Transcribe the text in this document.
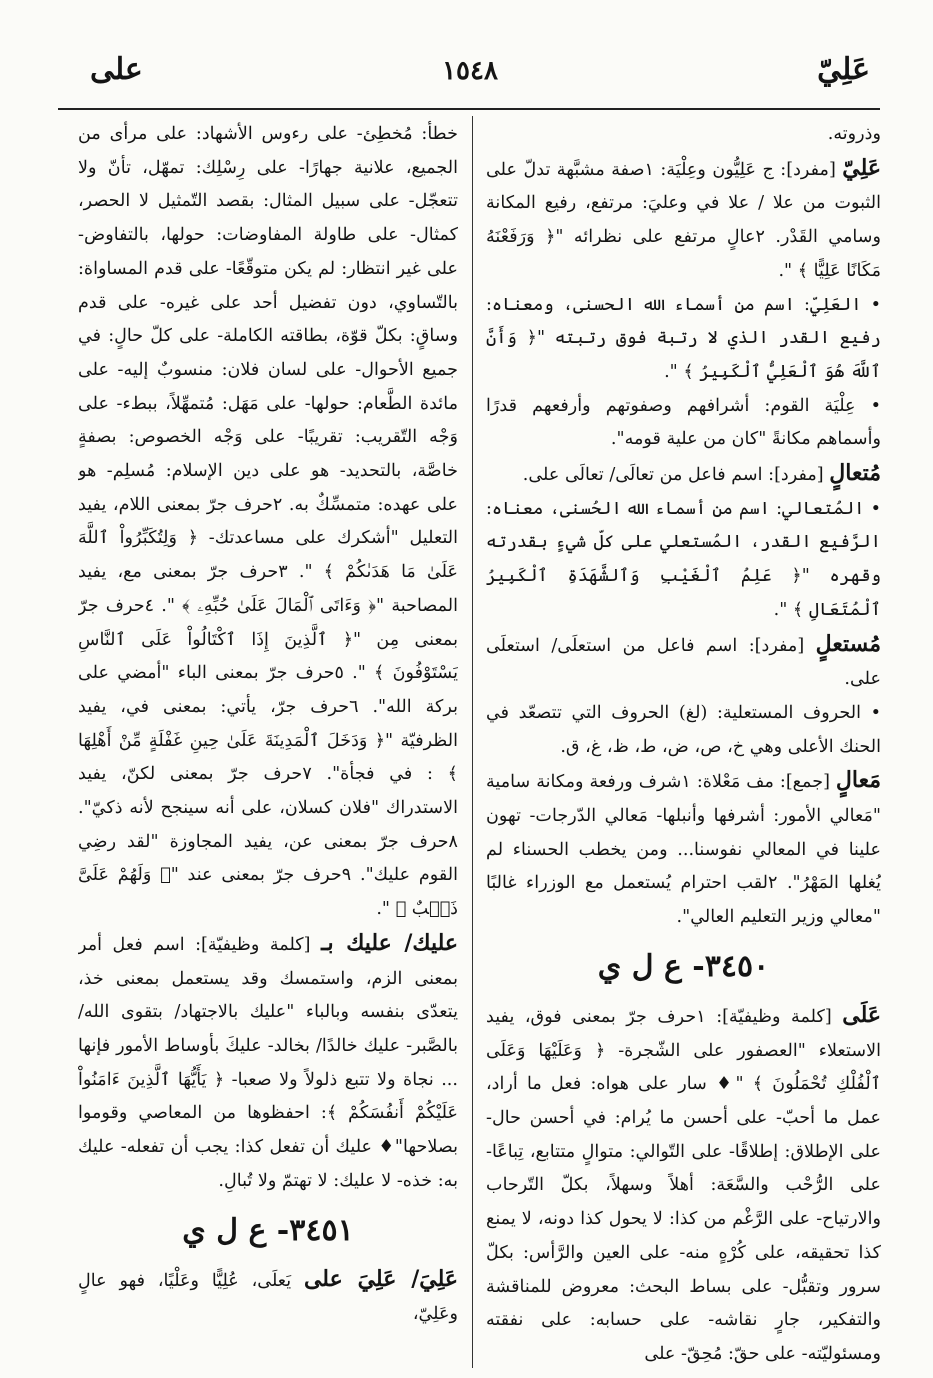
عَلِيّ
١٥٤٨
على

وذروته.

عَلِيّ [مفرد]: ج عَلِيُّون وعِلْيَة: ١صفة مشبَّهة تدلّ على الثبوت من علا / علا في وعليَ: مرتفع، رفيع المكانة وسامي القَدْر. ٢عالٍ مرتفع على نظرائه "﴿ وَرَفَعْنَهُ مَكَانًا عَلِيًّا ﴾ ".

• العَلِيّ: اسم من أسماء الله الحسنى، ومعناه: رفيع القدر الذي لا رتبة فوق رتبته "﴿ وَأَنَّ ٱللَّهَ هُوَ ٱلْعَلِيُّ ٱلْكَبِيرُ ﴾ ".

• عِلْيَة القوم: أشرافهم وصفوتهم وأرفعهم قدرًا وأسماهم مكانةً "كان من علية قومه".

مُتعالٍ [مفرد]: اسم فاعل من تعالَى/ تعالَى على.

• المُتعالي: اسم من أسماء الله الحُسنى، معناه: الرَّفيع القدر، المُستعلي على كلّ شيءٍ بقدرته وقهره "﴿ عَلِمُ ٱلْغَيْبِ وَٱلشَّهَدَةِ ٱلْكَبِيرُ ٱلْمُتَعَالِ ﴾ ".

مُستعلٍ [مفرد]: اسم فاعل من استعلَى/ استعلَى على.

• الحروف المستعلية: (لغ) الحروف التي تتصعّد في الحنك الأعلى وهي خ، ص، ض، ط، ظ، غ، ق.

مَعالٍ [جمع]: مف مَعْلاة: ١شرف ورفعة ومكانة سامية "مَعالي الأمور: أشرفها وأنبلها- مَعالي الدّرجات- تهون علينا في المعالي نفوسنا... ومن يخطب الحسناء لم يُغلها المَهْرُ". ٢لقب احترام يُستعمل مع الوزراء غالبًا "معالي وزير التعليم العالي".

٣٤٥٠- ع ل ي

عَلَى [كلمة وظيفيّة]: ١حرف جرّ بمعنى فوق، يفيد الاستعلاء "العصفور على الشّجرة- ﴿ وَعَلَيْهَا وَعَلَى ٱلْفُلْكِ تُحْمَلُونَ ﴾ "♦ سار على هواه: فعل ما أراد، عمل ما أحبّ- على أحسن ما يُرام: في أحسن حال- على الإطلاق: إطلاقًا- على التّوالي: متوالٍ متتابع، تِباعًا- على الرُّحْب والسَّعَة: أهلاً وسهلاً، بكلّ التّرحاب والارتياح- على الرَّغْم من كذا: لا يحول كذا دونه، لا يمنع كذا تحقيقه، على كُرْهٍ منه- على العين والرَّأس: بكلّ سرور وتقبُّل- على بساط البحث: معروض للمناقشة والتفكير، جارٍ نقاشه- على حسابه: على نفقته ومسئوليّته- على حقّ: مُحِقّ- على

خطأ: مُخطِئ- على رءوس الأشهاد: على مرأى من الجميع، علانية جهارًا- على رِسْلِك: تمهّل، تأنّ ولا تتعجّل- على سبيل المثال: بقصد التّمثيل لا الحصر، كمثال- على طاولة المفاوضات: حولها، بالتفاوض- على غير انتظار: لم يكن متوقّعًا- على قدم المساواة: بالتّساوي، دون تفضيل أحد على غيره- على قدم وساقٍ: بكلّ قوّة، بطاقته الكاملة- على كلّ حالٍ: في جميع الأحوال- على لسان فلان: منسوبٌ إليه- على مائدة الطَّعام: حولها- على مَهَل: مُتمهِّلاً، ببطء- على وَجْه التّقريب: تقريبًا- على وَجْه الخصوص: بصفةٍ خاصَّة، بالتحديد- هو على دين الإسلام: مُسلِم- هو على عهده: متمسِّكٌ به. ٢حرف جرّ بمعنى اللام، يفيد التعليل "أشكرك على مساعدتك- ﴿ وَلِتُكَبِّرُواْ ٱللَّهَ عَلَىٰ مَا هَدَىٰكُمْ ﴾ ". ٣حرف جرّ بمعنى مع، يفيد المصاحبة "﴿ وَءَاتَى ٱلْمَالَ عَلَىٰ حُبِّهِۦ ﴾ ". ٤حرف جرّ بمعنى مِن "﴿ ٱلَّذِينَ إِذَا ٱكْتَالُواْ عَلَى ٱلنَّاسِ يَسْتَوْفُونَ ﴾ ". ٥حرف جرّ بمعنى الباء "أمضي على بركة الله". ٦حرف جرّ، يأتي: بمعنى في، يفيد الظرفيّة "﴿ وَدَخَلَ ٱلْمَدِينَةَ عَلَىٰ حِينِ غَفْلَةٍ مِّنْ أَهْلِهَا ﴾ : في فجأة". ٧حرف جرّ بمعنى لكنّ، يفيد الاستدراك "فلان كسلان، على أنه سينجح لأنه ذكيّ". ٨حرف جرّ بمعنى عن، يفيد المجاوزة "لقد رضِي القوم عليك". ٩حرف جرّ بمعنى عند "﴿ وَلَهُمْ عَلَىَّ ذَنۢبٌ ﴾ ".

عليك/ عليك بـ [كلمة وظيفيّة]: اسم فعل أمر بمعنى الزم، واستمسك وقد يستعمل بمعنى خذ، يتعدّى بنفسه وبالباء "عليك بالاجتهاد/ بتقوى الله/ بالصَّبر- عليك خالدًا/ بخالد- عليكَ بأوساط الأمور فإنها ... نجاة ولا تتبع ذلولاً ولا صعبا- ﴿ يَأَيُّهَا ٱلَّذِينَ ءَامَنُواْ عَلَيْكُمْ أَنفُسَكُمْ ﴾: احفظوها من المعاصي وقوموا بصلاحها"♦ عليك أن تفعل كذا: يجب أن تفعله- عليك به: خذه- لا عليك: لا تهتمّ ولا تُبالِ.

٣٤٥١- ع ل ي

عَلِيَ/ عَلِيَ على يَعلَى، عُلِيًّا وعَلْيًا، فهو عالٍ وعَلِيّ،
